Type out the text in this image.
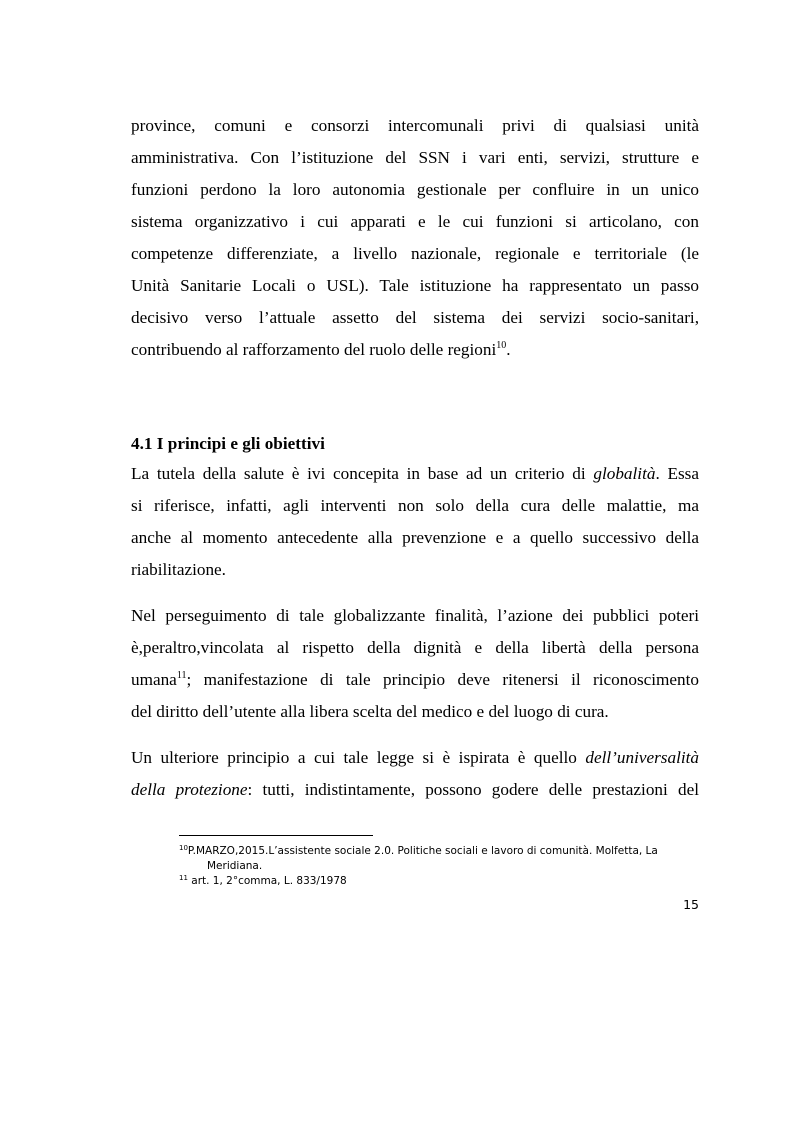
province, comuni e consorzi intercomunali privi di qualsiasi unità
amministrativa. Con l’istituzione del SSN i vari enti, servizi, strutture e
funzioni perdono la loro autonomia gestionale per confluire in un unico
sistema organizzativo i cui apparati e le cui funzioni si articolano, con
competenze differenziate, a livello nazionale, regionale e territoriale (le
Unità Sanitarie Locali o USL). Tale istituzione ha rappresentato un passo
decisivo verso l’attuale assetto del sistema dei servizi socio-sanitari,
contribuendo al rafforzamento del ruolo delle regioni$^{10}$.
4.1 I principi e gli obiettivi
La tutela della salute è ivi concepita in base ad un criterio di globalità. Essa
si riferisce, infatti, agli interventi non solo della cura delle malattie, ma
anche al momento antecedente alla prevenzione e a quello successivo della
riabilitazione.
Nel perseguimento di tale globalizzante finalità, l’azione dei pubblici poteri
è,peraltro,vincolata al rispetto della dignità e della libertà della persona
umana$^{11}$; manifestazione di tale principio deve ritenersi il riconoscimento
del diritto dell’utente alla libera scelta del medico e del luogo di cura.
Un ulteriore principio a cui tale legge si è ispirata è quello dell’universalità
della protezione: tutti, indistintamente, possono godere delle prestazioni del

$^{10}$P.MARZO,2015.L’assistente sociale 2.0. Politiche sociali e lavoro di comunità. Molfetta, La

Meridiana.

$^{11}$ art. 1, 2°comma, L. 833/1978

15
